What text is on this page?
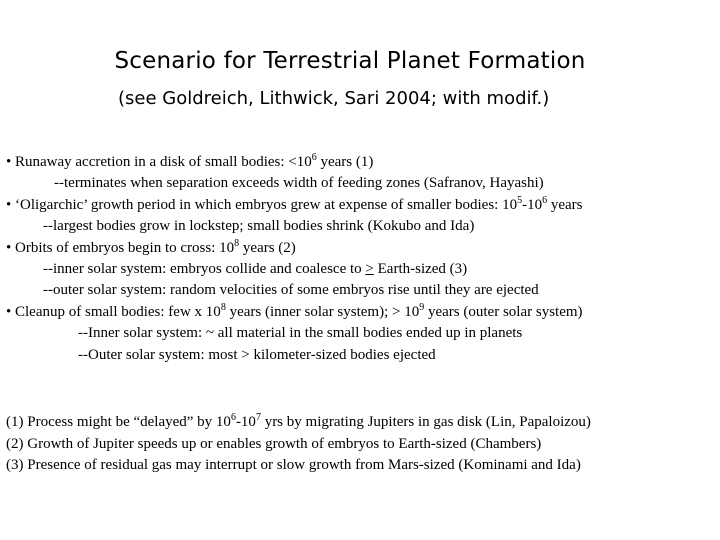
Scenario for Terrestrial Planet Formation
(see Goldreich, Lithwick, Sari 2004; with modif.)
• Runaway accretion in a disk of small bodies: $<10^6$ years (1)
--terminates when separation exceeds width of feeding zones (Safranov, Hayashi)
• ‘Oligarchic’ growth period in which embryos grew at expense of smaller bodies: $10^5-10^6$ years
--largest bodies grow in lockstep; small bodies shrink (Kokubo and Ida)
• Orbits of embryos begin to cross: $10^8$ years (2)
--inner solar system: embryos collide and coalesce to > Earth-sized (3)
--outer solar system: random velocities of some embryos rise until they are ejected
• Cleanup of small bodies: few x $10^8$ years (inner solar system); > $10^9$ years (outer solar system)
--Inner solar system: ~ all material in the small bodies ended up in planets
--Outer solar system: most > kilometer-sized bodies ejected
(1) Process might be “delayed” by $10^6-10^7$ yrs by migrating Jupiters in gas disk (Lin, Papaloizou)
(2) Growth of Jupiter speeds up or enables growth of embryos to Earth-sized (Chambers)
(3) Presence of residual gas may interrupt or slow growth from Mars-sized (Kominami and Ida)
